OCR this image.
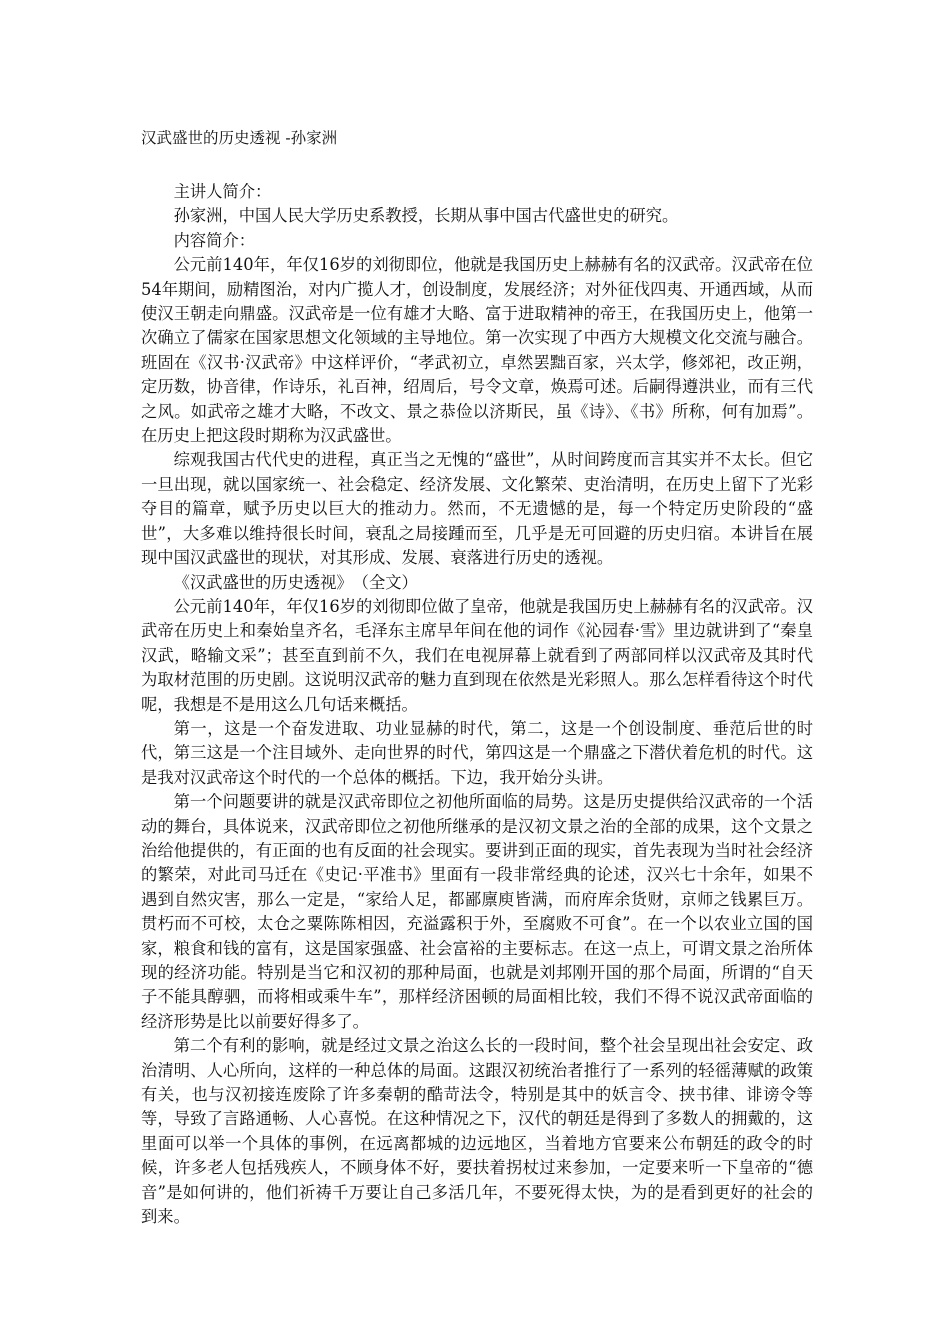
汉武盛世的历史透视 -孙家洲
主讲人简介：
孙家洲，中国人民大学历史系教授，长期从事中国古代盛世史的研究。
内容简介：

公元前140年，年仅16岁的刘彻即位，他就是我国历史上赫赫有名的汉武帝。汉武帝在位54年期间，励精图治，对内广揽人才，创设制度，发展经济；对外征伐四夷、开通西域，从而使汉王朝走向鼎盛。汉武帝是一位有雄才大略、富于进取精神的帝王，在我国历史上，他第一次确立了儒家在国家思想文化领域的主导地位。第一次实现了中西方大规模文化交流与融合。班固在《汉书·汉武帝》中这样评价，“孝武初立，卓然罢黜百家，兴太学，修郊祀，改正朔，定历数，协音律，作诗乐，礼百神，绍周后，号令文章，焕焉可述。后嗣得遵洪业，而有三代之风。如武帝之雄才大略，不改文、景之恭俭以济斯民，虽《诗》、《书》所称，何有加焉”。在历史上把这段时期称为汉武盛世。

综观我国古代代史的进程，真正当之无愧的“盛世”，从时间跨度而言其实并不太长。但它一旦出现，就以国家统一、社会稳定、经济发展、文化繁荣、吏治清明，在历史上留下了光彩夺目的篇章，赋予历史以巨大的推动力。然而，不无遗憾的是，每一个特定历史阶段的“盛世”，大多难以维持很长时间，衰乱之局接踵而至，几乎是无可回避的历史归宿。本讲旨在展现中国汉武盛世的现状，对其形成、发展、衰落进行历史的透视。

《汉武盛世的历史透视》　（全文）

公元前140年，年仅16岁的刘彻即位做了皇帝，他就是我国历史上赫赫有名的汉武帝。汉武帝在历史上和秦始皇齐名，毛泽东主席早年间在他的词作《沁园春·雪》里边就讲到了“秦皇汉武，略输文采”；甚至直到前不久，我们在电视屏幕上就看到了两部同样以汉武帝及其时代为取材范围的历史剧。这说明汉武帝的魅力直到现在依然是光彩照人。那么怎样看待这个时代呢，我想是不是用这么几句话来概括。

第一，这是一个奋发进取、功业显赫的时代，第二，这是一个创设制度、垂范后世的时代，第三这是一个注目域外、走向世界的时代，第四这是一个鼎盛之下潜伏着危机的时代。这是我对汉武帝这个时代的一个总体的概括。下边，我开始分头讲。

第一个问题要讲的就是汉武帝即位之初他所面临的局势。这是历史提供给汉武帝的一个活动的舞台，具体说来，汉武帝即位之初他所继承的是汉初文景之治的全部的成果，这个文景之治给他提供的，有正面的也有反面的社会现实。要讲到正面的现实，首先表现为当时社会经济的繁荣，对此司马迁在《史记·平准书》里面有一段非常经典的论述，汉兴七十余年，如果不遇到自然灾害，那么一定是，“家给人足，都鄙廪庾皆满，而府库余货财，京师之钱累巨万。贯朽而不可校，太仓之粟陈陈相因，充溢露积于外，至腐败不可食”。在一个以农业立国的国家，粮食和钱的富有，这是国家强盛、社会富裕的主要标志。在这一点上，可谓文景之治所体现的经济功能。特别是当它和汉初的那种局面，也就是刘邦刚开国的那个局面，所谓的“自天子不能具醇驷，而将相或乘牛车”，那样经济困顿的局面相比较，我们不得不说汉武帝面临的经济形势是比以前要好得多了。

第二个有利的影响，就是经过文景之治这么长的一段时间，整个社会呈现出社会安定、政治清明、人心所向，这样的一种总体的局面。这跟汉初统治者推行了一系列的轻徭薄赋的政策有关，也与汉初接连废除了许多秦朝的酷苛法令，特别是其中的妖言令、挟书律、诽谤令等等，导致了言路通畅、人心喜悦。在这种情况之下，汉代的朝廷是得到了多数人的拥戴的，这里面可以举一个具体的事例，在远离都城的边远地区，当着地方官要来公布朝廷的政令的时候，许多老人包括残疾人，不顾身体不好，要扶着拐杖过来参加，一定要来听一下皇帝的“德音”是如何讲的，他们祈祷千万要让自己多活几年，不要死得太快，为的是看到更好的社会的到来。
